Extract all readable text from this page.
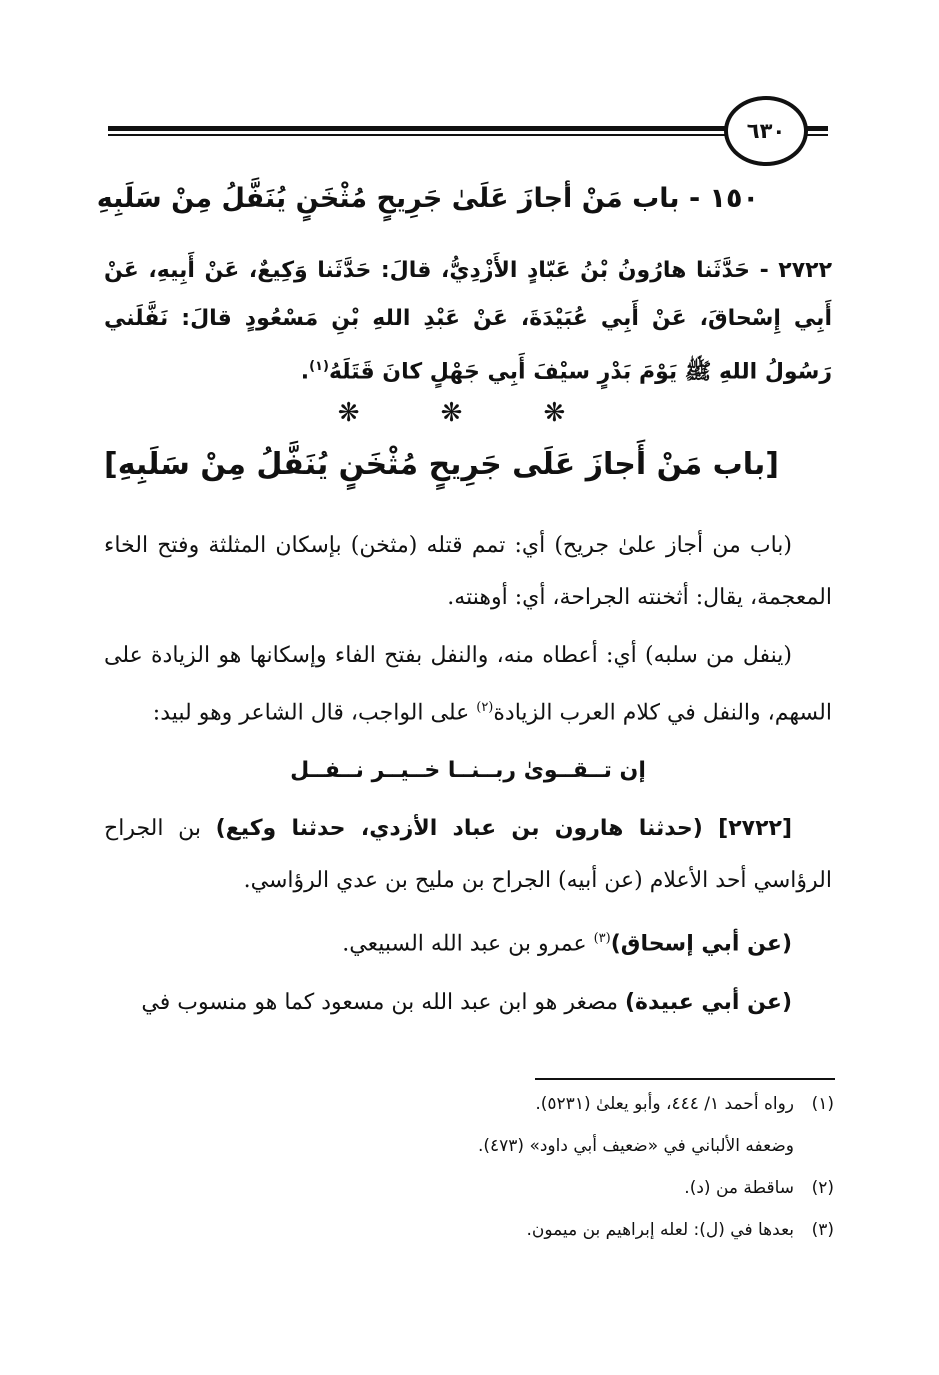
٦٣٠
١٥٠ - باب مَنْ أجازَ عَلَىٰ جَرِيحٍ مُثْخَنٍ يُنَفَّلُ مِنْ سَلَبِهِ
٢٧٢٢ - حَدَّثَنا هارُونُ بْنُ عَبّادٍ الأَزْدِيُّ، قالَ: حَدَّثَنا وَكِيعٌ، عَنْ أَبِيهِ، عَنْ أَبِي إِسْحاقَ، عَنْ أَبِي عُبَيْدَةَ، عَنْ عَبْدِ اللهِ بْنِ مَسْعُودٍ قالَ: نَفَّلَني رَسُولُ اللهِ ﷺ يَوْمَ بَدْرٍ سيْفَ أَبِي جَهْلٍ كانَ قَتَلَهُ$^{(١)}$.
❋ ❋ ❋
[باب مَنْ أَجازَ عَلَى جَرِيحٍ مُثْخَنٍ يُنَفَّلُ مِنْ سَلَبِهِ]

(باب من أجاز علىٰ جريح) أي: تمم قتله (مثخن) بإسكان المثلثة وفتح الخاء المعجمة، يقال: أثخنته الجراحة، أي: أوهنته.

(ينفل من سلبه) أي: أعطاه منه، والنفل بفتح الفاء وإسكانها هو الزيادة على السهم، والنفل في كلام العرب الزيادة$^{(٢)}$ على الواجب، قال الشاعر وهو لبيد:

إن تــقــوىٰ ربــنــا خــيــر نــفــل

[٢٧٢٢] (حدثنا هارون بن عباد الأزدي، حدثنا وكيع) بن الجراح الرؤاسي أحد الأعلام (عن أبيه) الجراح بن مليح بن عدي الرؤاسي.

(عن أبي إسحاق)$^{(٣)}$ عمرو بن عبد الله السبيعي.

(عن أبي عبيدة) مصغر هو ابن عبد الله بن مسعود كما هو منسوب في

(١)
رواه أحمد ١/ ٤٤٤، وأبو يعلىٰ (٥٢٣١).
وضعفه الألباني في «ضعيف أبي داود» (٤٧٣).
(٢)
ساقطة من (د).
(٣)
بعدها في (ل): لعله إبراهيم بن ميمون.
